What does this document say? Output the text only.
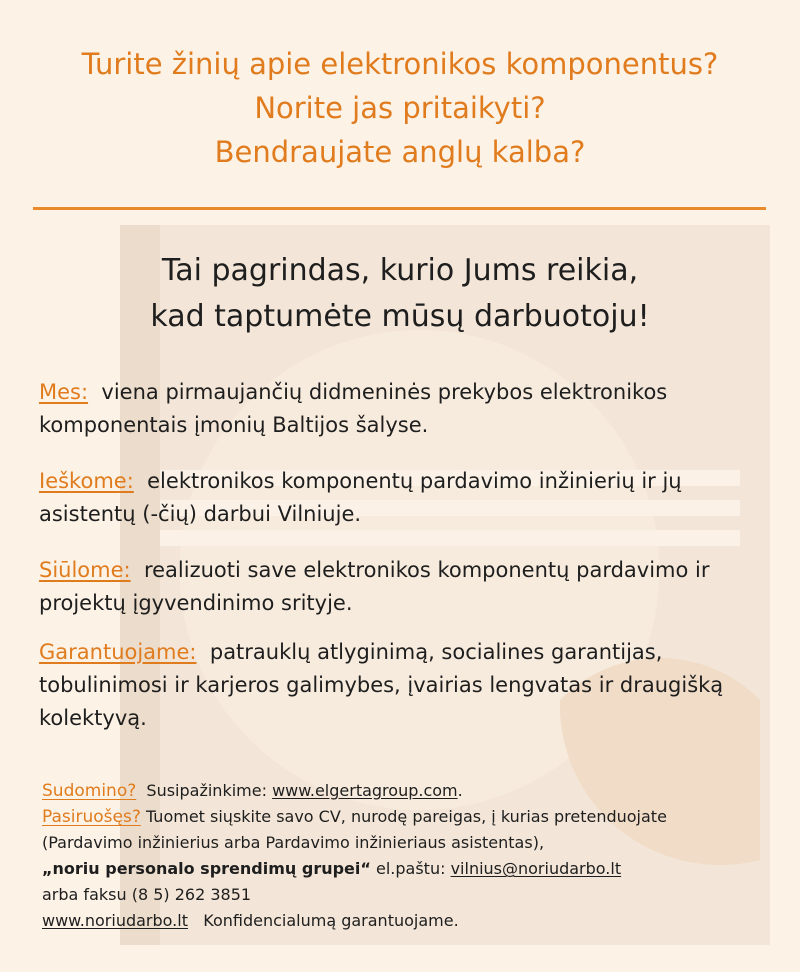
Turite žinių apie elektronikos komponentus?
Norite jas pritaikyti?
Bendraujate anglų kalba?
Tai pagrindas, kurio Jums reikia,
kad taptumėte mūsų darbuotoju!
Mes: viena pirmaujančių didmeninės prekybos elektronikos komponentais įmonių Baltijos šalyse.
Ieškome: elektronikos komponentų pardavimo inžinierių ir jų asistentų (-čių) darbui Vilniuje.
Siūlome: realizuoti save elektronikos komponentų pardavimo ir projektų įgyvendinimo srityje.
Garantuojame: patrauklų atlyginimą, socialines garantijas, tobulinimosi ir karjeros galimybes, įvairias lengvatas ir draugišką kolektyvą.
Sudomino? Susipažinkime: www.elgertagroup.com.
Pasiruošęs? Tuomet siųskite savo CV, nurodę pareigas, į kurias pretenduojate (Pardavimo inžinierius arba Pardavimo inžinieriaus asistentas),
„noriu personalo sprendimų grupei“ el.paštu: vilnius@noriudarbo.lt
arba faksu (8 5) 262 3851
www.noriudarbo.lt Konfidencialumą garantuojame.
